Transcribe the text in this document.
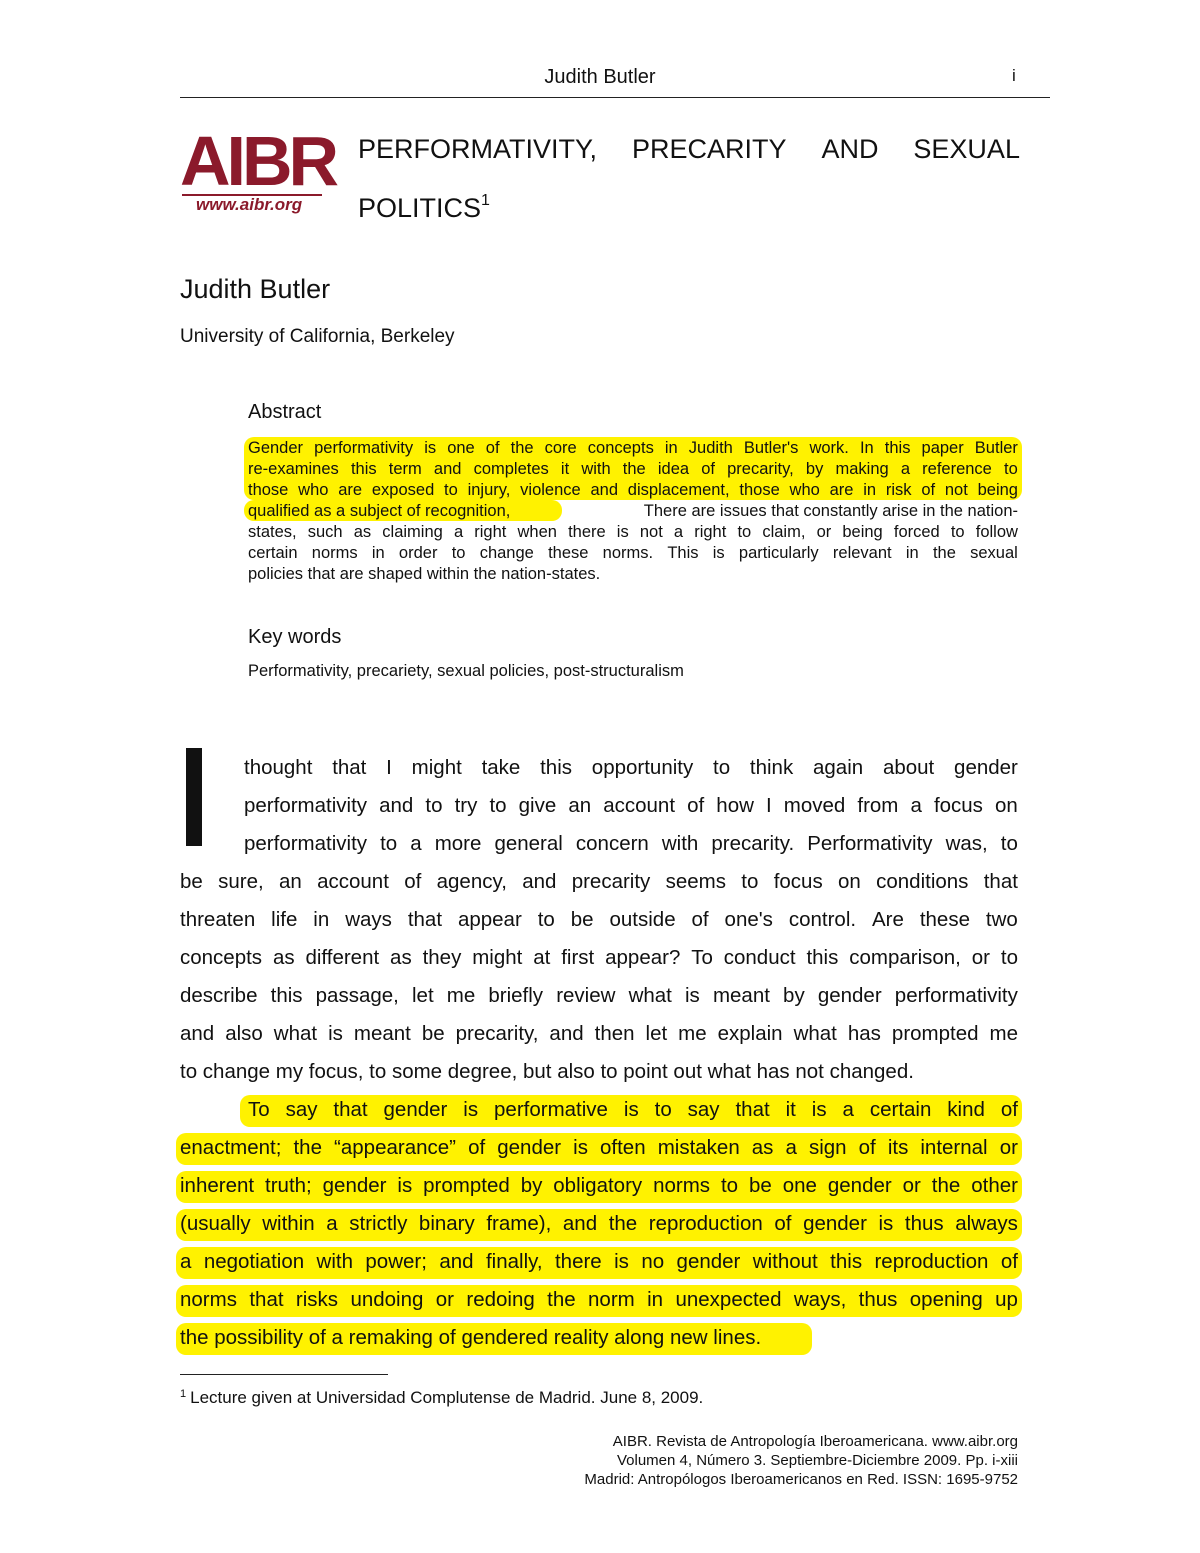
Judith Butler	i
AIBR
www.aibr.org
PERFORMATIVITY, PRECARITY AND SEXUAL
POLITICS$^1$
Judith Butler
University of California, Berkeley
Abstract
Gender performativity is one of the core concepts in Judith Butler's work. In this paper Butler
re-examines this term and completes it with the idea of precarity, by making a reference to
those who are exposed to injury, violence and displacement, those who are in risk of not being
qualified as a subject of recognition,	There are issues that constantly arise in the nation-
states, such as claiming a right when there is not a right to claim, or being forced to follow
certain norms in order to change these norms. This is particularly relevant in the sexual
policies that are shaped within the nation-states.
Key words
Performativity, precariety, sexual policies, post-structuralism
thought that I might take this opportunity to think again about gender
performativity and to try to give an account of how I moved from a focus on
performativity to a more general concern with precarity. Performativity was, to
be sure, an account of agency, and precarity seems to focus on conditions that
threaten life in ways that appear to be outside of one's control. Are these two
concepts as different as they might at first appear? To conduct this comparison, or to
describe this passage, let me briefly review what is meant by gender performativity
and also what is meant be precarity, and then let me explain what has prompted me
to change my focus, to some degree, but also to point out what has not changed.
To say that gender is performative is to say that it is a certain kind of
enactment; the “appearance” of gender is often mistaken as a sign of its internal or
inherent truth; gender is prompted by obligatory norms to be one gender or the other
(usually within a strictly binary frame), and the reproduction of gender is thus always
a negotiation with power; and finally, there is no gender without this reproduction of
norms that risks undoing or redoing the norm in unexpected ways, thus opening up
the possibility of a remaking of gendered reality along new lines.
$^1$ Lecture given at Universidad Complutense de Madrid. June 8, 2009.
AIBR. Revista de Antropología Iberoamericana. www.aibr.org
Volumen 4, Número 3. Septiembre-Diciembre 2009. Pp. i-xiii
Madrid: Antropólogos Iberoamericanos en Red. ISSN: 1695-9752
